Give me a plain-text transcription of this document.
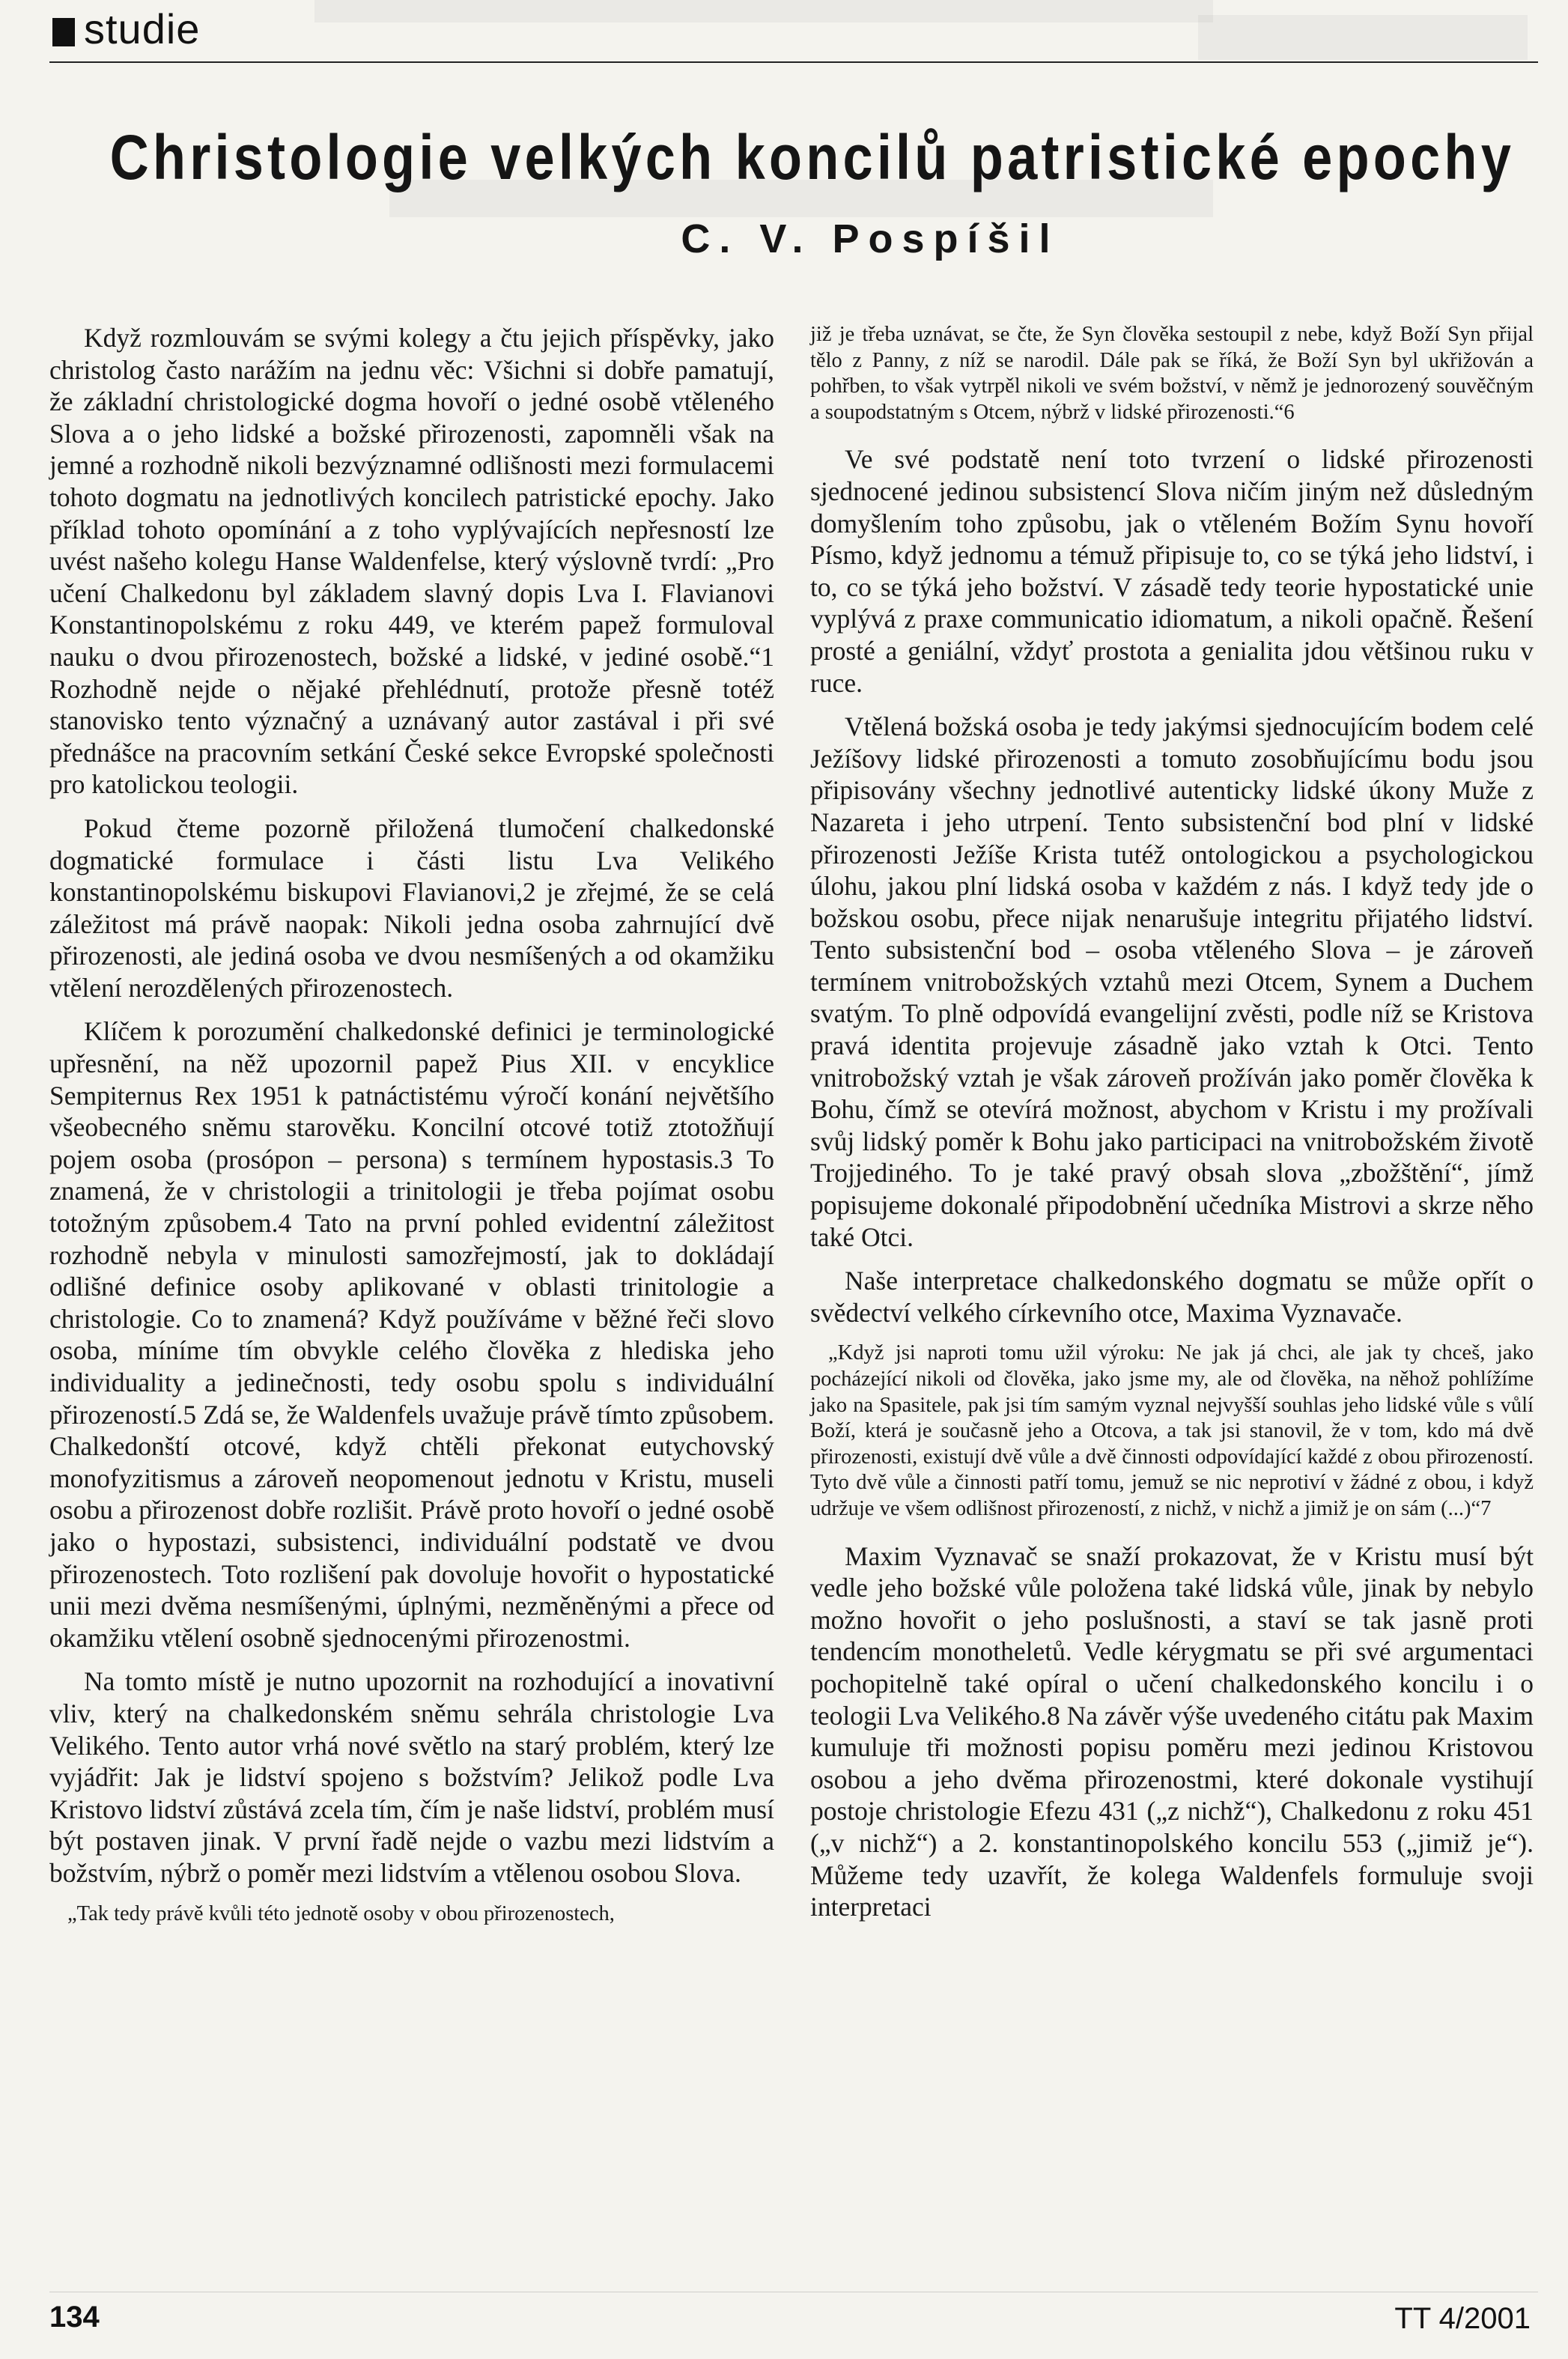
studie
Christologie velkých koncilů patristické epochy
C. V. Pospíšil

Když rozmlouvám se svými kolegy a čtu jejich příspěvky, jako christolog často narážím na jednu věc: Všichni si dobře pamatují, že základní christologické dogma hovoří o jedné osobě vtěleného Slova a o jeho lidské a božské přirozenosti, zapomněli však na jemné a rozhodně nikoli bezvýznamné odlišnosti mezi formulacemi tohoto dogmatu na jednotlivých koncilech patristické epochy. Jako příklad tohoto opomínání a z toho vyplývajících nepřesností lze uvést našeho kolegu Hanse Waldenfelse, který výslovně tvrdí: „Pro učení Chalkedonu byl základem slavný dopis Lva I. Flavianovi Konstantinopolskému z roku 449, ve kterém papež formuloval nauku o dvou přirozenostech, božské a lidské, v jediné osobě.“1 Rozhodně nejde o nějaké přehlédnutí, protože přesně totéž stanovisko tento význačný a uznávaný autor zastával i při své přednášce na pracovním setkání České sekce Evropské společnosti pro katolickou teologii.

Pokud čteme pozorně přiložená tlumočení chalkedonské dogmatické formulace i části listu Lva Velikého konstantinopolskému biskupovi Flavianovi,2 je zřejmé, že se celá záležitost má právě naopak: Nikoli jedna osoba zahrnující dvě přirozenosti, ale jediná osoba ve dvou nesmíšených a od okamžiku vtělení nerozdělených přirozenostech.

Klíčem k porozumění chalkedonské definici je terminologické upřesnění, na něž upozornil papež Pius XII. v encyklice Sempiternus Rex 1951 k patnáctistému výročí konání největšího všeobecného sněmu starověku. Koncilní otcové totiž ztotožňují pojem osoba (prosópon – persona) s termínem hypostasis.3 To znamená, že v christologii a trinitologii je třeba pojímat osobu totožným způsobem.4 Tato na první pohled evidentní záležitost rozhodně nebyla v minulosti samozřejmostí, jak to dokládají odlišné definice osoby aplikované v oblasti trinitologie a christologie. Co to znamená? Když používáme v běžné řeči slovo osoba, míníme tím obvykle celého člověka z hlediska jeho individuality a jedinečnosti, tedy osobu spolu s individuální přirozeností.5 Zdá se, že Waldenfels uvažuje právě tímto způsobem. Chalkedonští otcové, když chtěli překonat eutychovský monofyzitismus a zároveň neopomenout jednotu v Kristu, museli osobu a přirozenost dobře rozlišit. Právě proto hovoří o jedné osobě jako o hypostazi, subsistenci, individuální podstatě ve dvou přirozenostech. Toto rozlišení pak dovoluje hovořit o hypostatické unii mezi dvěma nesmíšenými, úplnými, nezměněnými a přece od okamžiku vtělení osobně sjednocenými přirozenostmi.

Na tomto místě je nutno upozornit na rozhodující a inovativní vliv, který na chalkedonském sněmu sehrála christologie Lva Velikého. Tento autor vrhá nové světlo na starý problém, který lze vyjádřit: Jak je lidství spojeno s božstvím? Jelikož podle Lva Kristovo lidství zůstává zcela tím, čím je naše lidství, problém musí být postaven jinak. V první řadě nejde o vazbu mezi lidstvím a božstvím, nýbrž o poměr mezi lidstvím a vtělenou osobou Slova.

„Tak tedy právě kvůli této jednotě osoby v obou přirozenostech,

již je třeba uznávat, se čte, že Syn člověka sestoupil z nebe, když Boží Syn přijal tělo z Panny, z níž se narodil. Dále pak se říká, že Boží Syn byl ukřižován a pohřben, to však vytrpěl nikoli ve svém božství, v němž je jednorozený souvěčným a soupodstatným s Otcem, nýbrž v lidské přirozenosti.“6

Ve své podstatě není toto tvrzení o lidské přirozenosti sjednocené jedinou subsistencí Slova ničím jiným než důsledným domyšlením toho způsobu, jak o vtěleném Božím Synu hovoří Písmo, když jednomu a témuž připisuje to, co se týká jeho lidství, i to, co se týká jeho božství. V zásadě tedy teorie hypostatické unie vyplývá z praxe communicatio idiomatum, a nikoli opačně. Řešení prosté a geniální, vždyť prostota a genialita jdou většinou ruku v ruce.

Vtělená božská osoba je tedy jakýmsi sjednocujícím bodem celé Ježíšovy lidské přirozenosti a tomuto zosobňujícímu bodu jsou připisovány všechny jednotlivé autenticky lidské úkony Muže z Nazareta i jeho utrpení. Tento subsistenční bod plní v lidské přirozenosti Ježíše Krista tutéž ontologickou a psychologickou úlohu, jakou plní lidská osoba v každém z nás. I když tedy jde o božskou osobu, přece nijak nenarušuje integritu přijatého lidství. Tento subsistenční bod – osoba vtěleného Slova – je zároveň termínem vnitrobožských vztahů mezi Otcem, Synem a Duchem svatým. To plně odpovídá evangelijní zvěsti, podle níž se Kristova pravá identita projevuje zásadně jako vztah k Otci. Tento vnitrobožský vztah je však zároveň prožíván jako poměr člověka k Bohu, čímž se otevírá možnost, abychom v Kristu i my prožívali svůj lidský poměr k Bohu jako participaci na vnitrobožském životě Trojjediného. To je také pravý obsah slova „zbožštění“, jímž popisujeme dokonalé připodobnění učedníka Mistrovi a skrze něho také Otci.

Naše interpretace chalkedonského dogmatu se může opřít o svědectví velkého církevního otce, Maxima Vyznavače.

„Když jsi naproti tomu užil výroku: Ne jak já chci, ale jak ty chceš, jako pocházející nikoli od člověka, jako jsme my, ale od člověka, na něhož pohlížíme jako na Spasitele, pak jsi tím samým vyznal nejvyšší souhlas jeho lidské vůle s vůlí Boží, která je současně jeho a Otcova, a tak jsi stanovil, že v tom, kdo má dvě přirozenosti, existují dvě vůle a dvě činnosti odpovídající každé z obou přirozeností. Tyto dvě vůle a činnosti patří tomu, jemuž se nic neprotiví v žádné z obou, i když udržuje ve všem odlišnost přirozeností, z nichž, v nichž a jimiž je on sám (...)“7

Maxim Vyznavač se snaží prokazovat, že v Kristu musí být vedle jeho božské vůle položena také lidská vůle, jinak by nebylo možno hovořit o jeho poslušnosti, a staví se tak jasně proti tendencím monotheletů. Vedle kérygmatu se při své argumentaci pochopitelně také opíral o učení chalkedonského koncilu i o teologii Lva Velikého.8 Na závěr výše uvedeného citátu pak Maxim kumuluje tři možnosti popisu poměru mezi jedinou Kristovou osobou a jeho dvěma přirozenostmi, které dokonale vystihují postoje christologie Efezu 431 („z nichž“), Chalkedonu z roku 451 („v nichž“) a 2. konstantinopolského koncilu 553 („jimiž je“). Můžeme tedy uzavřít, že kolega Waldenfels formuluje svoji interpretaci

134	TT 4/2001
